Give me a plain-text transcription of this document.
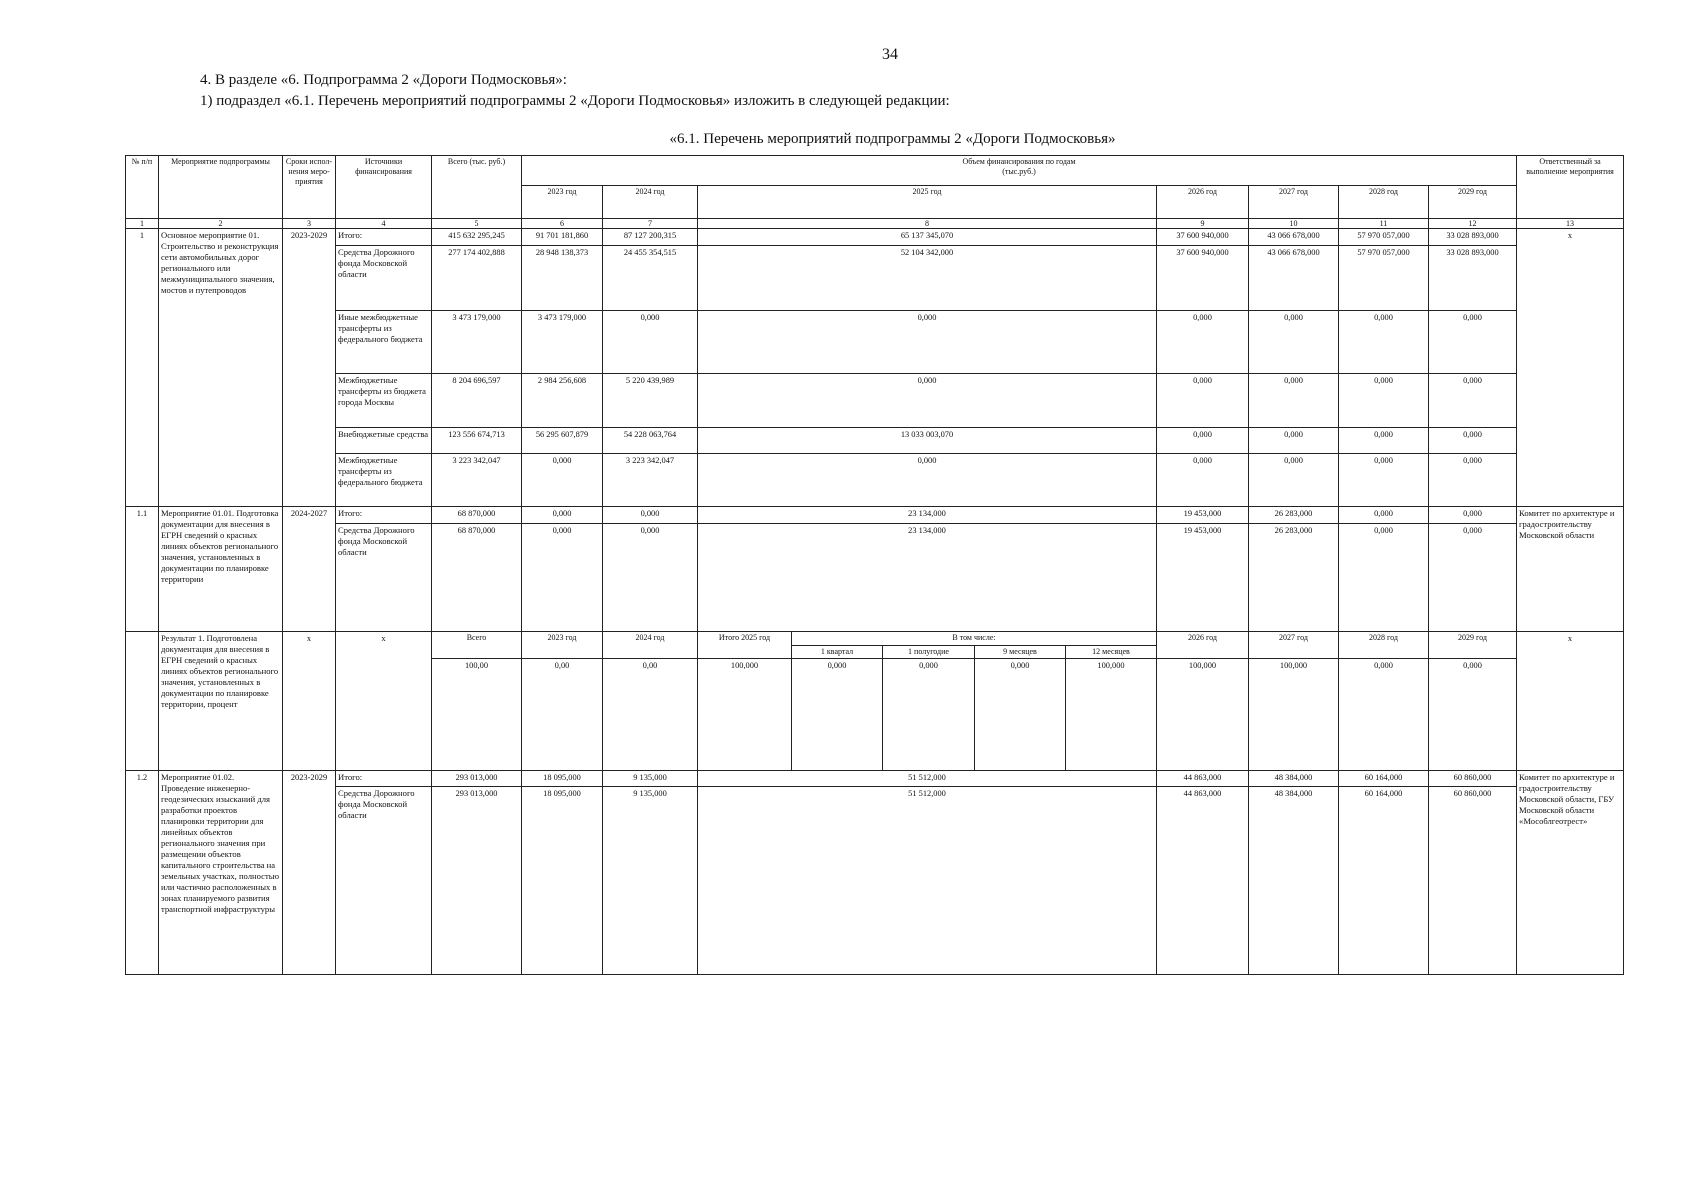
34
4. В разделе «6. Подпрограмма 2 «Дороги Подмосковья»:
1) подраздел «6.1. Перечень мероприятий подпрограммы 2 «Дороги Подмосковья» изложить в следующей редакции:
«6.1. Перечень мероприятий подпрограммы 2 «Дороги Подмосковья»
№ п/п	Мероприятие подпрограммы	Сроки испол-нения меро-приятия	Источники финансирования	Всего (тыс. руб.)	Объем финансирования по годам
(тыс.руб.)											Ответственный за выполнение мероприятия
					2023 год	2024 год	2025 год					2026 год	2027 год	2028 год	2029 год	
1	2	3	4	5	6	7	8					9	10	11	12	13
1	Основное мероприятие 01. Строительство и реконструкция сети автомобильных дорог регионального или межмуниципального значения, мостов и путепроводов	2023-2029	Итого:	415 632 295,245	91 701 181,860	87 127 200,315	65 137 345,070					37 600 940,000	43 066 678,000	57 970 057,000	33 028 893,000	х
			Средства Дорожного фонда Московской области	277 174 402,888	28 948 138,373	24 455 354,515	52 104 342,000					37 600 940,000	43 066 678,000	57 970 057,000	33 028 893,000	
			Иные межбюджетные трансферты из федерального бюджета	3 473 179,000	3 473 179,000	0,000	0,000					0,000	0,000	0,000	0,000	
			Межбюджетные трансферты из бюджета города Москвы	8 204 696,597	2 984 256,608	5 220 439,989	0,000					0,000	0,000	0,000	0,000	
			Внебюджетные средства	123 556 674,713	56 295 607,879	54 228 063,764	13 033 003,070					0,000	0,000	0,000	0,000	
			Межбюджетные трансферты из федерального бюджета	3 223 342,047	0,000	3 223 342,047	0,000					0,000	0,000	0,000	0,000	
1.1	Мероприятие 01.01. Подготовка документации для внесения в ЕГРН сведений о красных линиях объектов регионального значения, установленных в документации по планировке территории	2024-2027	Итого:	68 870,000	0,000	0,000	23 134,000					19 453,000	26 283,000	0,000	0,000	Комитет по архитектуре и градостроительству Московской области
			Средства Дорожного фонда Московской области	68 870,000	0,000	0,000	23 134,000					19 453,000	26 283,000	0,000	0,000	
	Результат 1. Подготовлена документация для внесения в ЕГРН сведений о красных линиях объектов регионального значения, установленных в документации по планировке территории, процент	х	х	Всего	2023 год	2024 год	Итого 2025 год	В том числе:				2026 год	2027 год	2028 год	2029 год	х
								1 квартал	1 полугодие	9 месяцев	12 месяцев					
				100,00	0,00	0,00	100,000	0,000	0,000	0,000	100,000	100,000	100,000	0,000	0,000	
1.2	Мероприятие 01.02. Проведение инженерно-геодезических изысканий для разработки проектов планировки территории для линейных объектов регионального значения при размещении объектов капитального строительства на земельных участках, полностью или частично расположенных в зонах планируемого развития транспортной инфраструктуры	2023-2029	Итого:	293 013,000	18 095,000	9 135,000	51 512,000					44 863,000	48 384,000	60 164,000	60 860,000	Комитет по архитектуре и градостроительству Московской области, ГБУ Московской области «Мособлгеотрест»
			Средства Дорожного фонда Московской области	293 013,000	18 095,000	9 135,000	51 512,000					44 863,000	48 384,000	60 164,000	60 860,000	
